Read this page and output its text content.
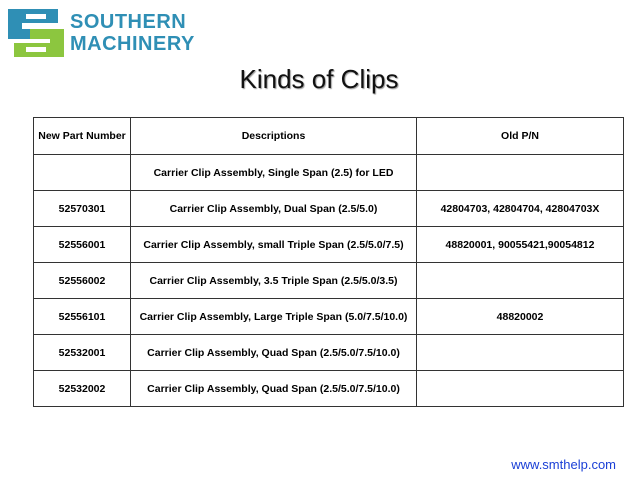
SOUTHERN
MACHINERY
Kinds of Clips
New Part Number	Descriptions	Old P/N
	Carrier Clip Assembly, Single Span (2.5) for LED	
52570301	Carrier Clip Assembly, Dual Span (2.5/5.0)	42804703, 42804704, 42804703X
52556001	Carrier Clip Assembly, small Triple Span (2.5/5.0/7.5)	48820001, 90055421,90054812
52556002	Carrier Clip Assembly, 3.5 Triple Span (2.5/5.0/3.5)	
52556101	Carrier Clip Assembly, Large Triple Span (5.0/7.5/10.0)	48820002
52532001	Carrier Clip Assembly, Quad Span (2.5/5.0/7.5/10.0)	
52532002	Carrier Clip Assembly, Quad Span (2.5/5.0/7.5/10.0)	
www.smthelp.com
